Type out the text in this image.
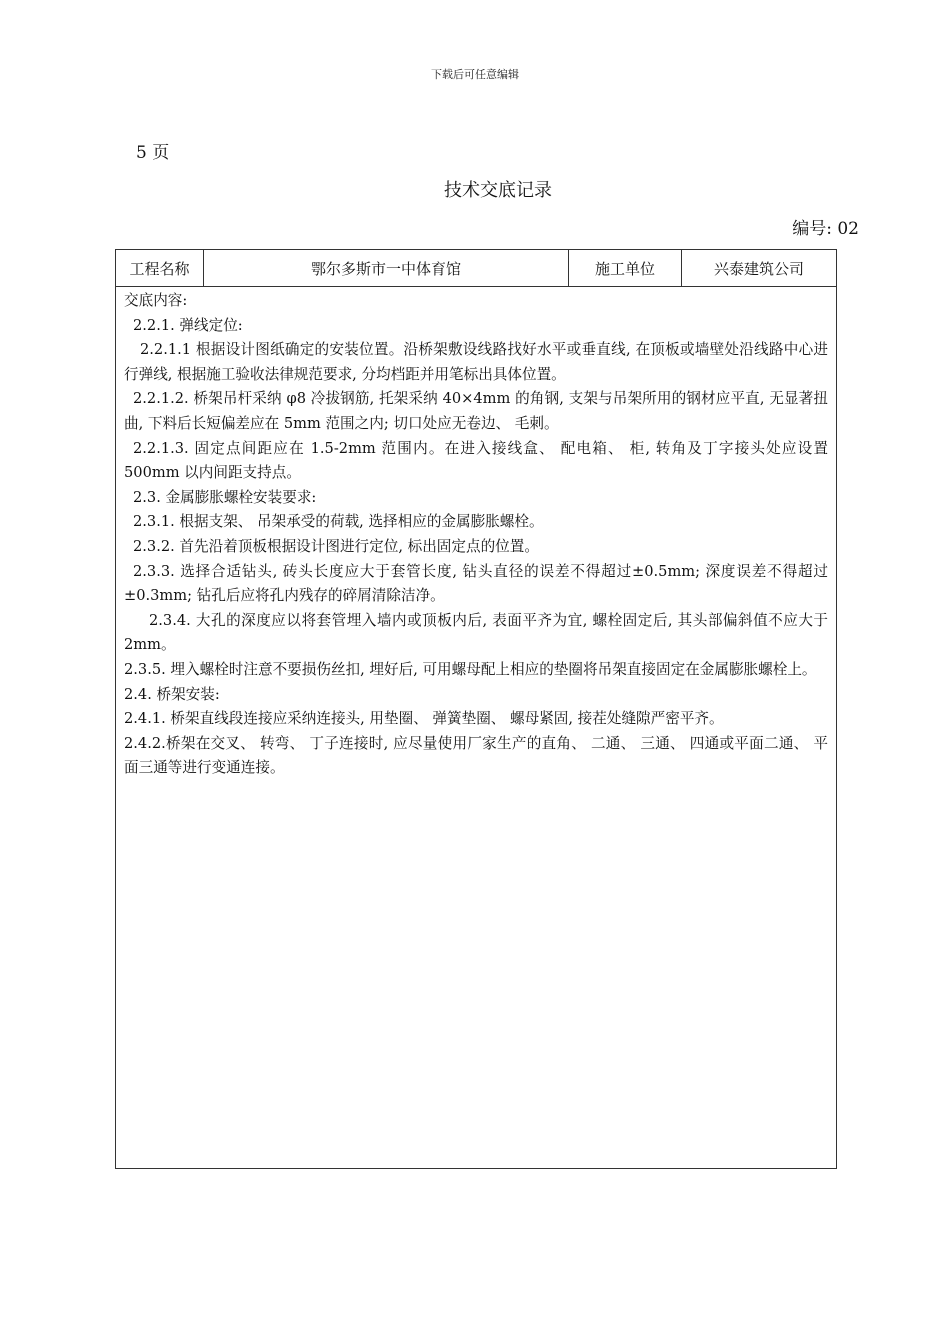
下载后可任意编辑
5 页
技术交底记录
编号: 02
工程名称	鄂尔多斯市一中体育馆	施工单位	兴泰建筑公司

交底内容:

2.2.1. 弹线定位:

2.2.1.1 根据设计图纸确定的安装位置。沿桥架敷设线路找好水平或垂直线, 在顶板或墙壁处沿线路中心进行弹线, 根据施工验收法律规范要求, 分均档距并用笔标出具体位置。

2.2.1.2. 桥架吊杆采纳 φ8 冷拔钢筋, 托架采纳 40×4mm 的角钢, 支架与吊架所用的钢材应平直, 无显著扭曲, 下料后长短偏差应在 5mm 范围之内; 切口处应无卷边、 毛刺。

2.2.1.3. 固定点间距应在 1.5-2mm 范围内。在进入接线盒、 配电箱、 柜, 转角及丁字接头处应设置 500mm 以内间距支持点。

2.3. 金属膨胀螺栓安装要求:

2.3.1. 根据支架、 吊架承受的荷载, 选择相应的金属膨胀螺栓。

2.3.2. 首先沿着顶板根据设计图进行定位, 标出固定点的位置。

2.3.3. 选择合适钻头, 砖头长度应大于套管长度, 钻头直径的误差不得超过±0.5mm; 深度误差不得超过±0.3mm; 钻孔后应将孔内残存的碎屑清除洁净。

2.3.4. 大孔的深度应以将套管埋入墙内或顶板内后, 表面平齐为宜, 螺栓固定后, 其头部偏斜值不应大于 2mm。

2.3.5. 埋入螺栓时注意不要损伤丝扣, 埋好后, 可用螺母配上相应的垫圈将吊架直接固定在金属膨胀螺栓上。

2.4. 桥架安装:

2.4.1. 桥架直线段连接应采纳连接头, 用垫圈、 弹簧垫圈、 螺母紧固, 接茬处缝隙严密平齐。

2.4.2.桥架在交叉、 转弯、 丁子连接时, 应尽量使用厂家生产的直角、 二通、 三通、 四通或平面二通、 平面三通等进行变通连接。
